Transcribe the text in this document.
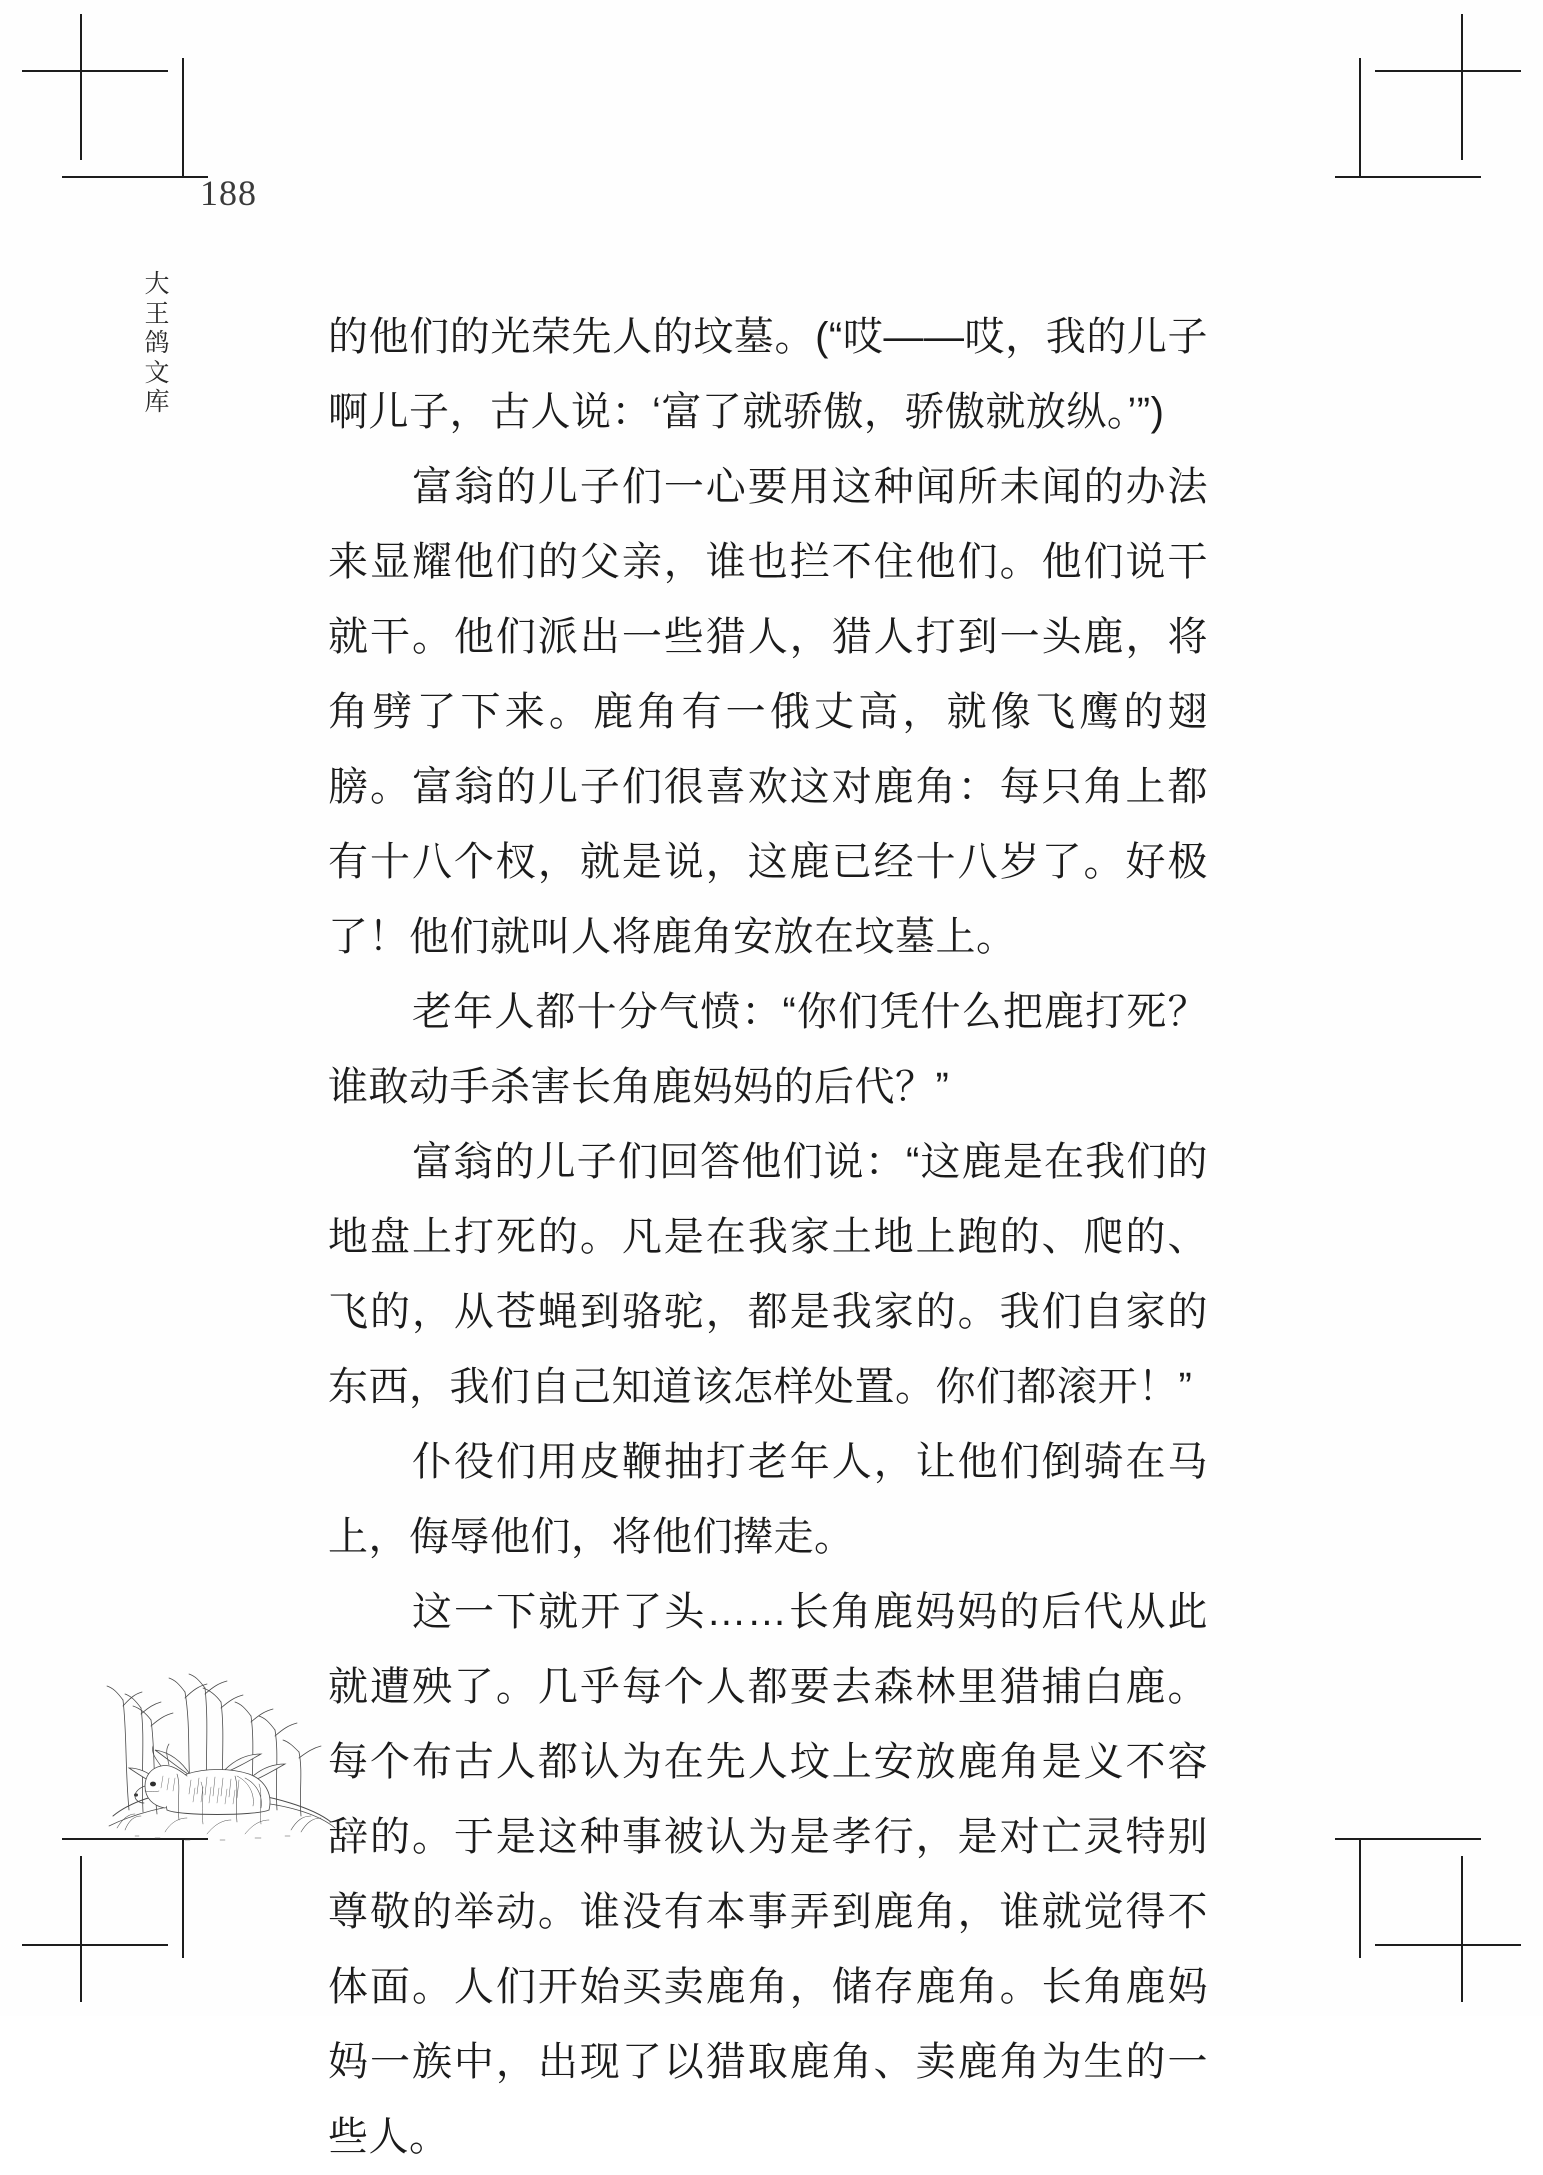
188
大王鸽文库

的他们的光荣先人的坟墓。(“哎——哎，我的儿子啊儿子，古人说：‘富了就骄傲，骄傲就放纵。’”)

富翁的儿子们一心要用这种闻所未闻的办法来显耀他们的父亲，谁也拦不住他们。他们说干就干。他们派出一些猎人，猎人打到一头鹿，将角劈了下来。鹿角有一俄丈高，就像飞鹰的翅膀。富翁的儿子们很喜欢这对鹿角：每只角上都有十八个杈，就是说，这鹿已经十八岁了。好极了！他们就叫人将鹿角安放在坟墓上。

老年人都十分气愤：“你们凭什么把鹿打死？谁敢动手杀害长角鹿妈妈的后代？”

富翁的儿子们回答他们说：“这鹿是在我们的地盘上打死的。凡是在我家土地上跑的、爬的、飞的，从苍蝇到骆驼，都是我家的。我们自家的东西，我们自己知道该怎样处置。你们都滚开！”

仆役们用皮鞭抽打老年人，让他们倒骑在马上，侮辱他们，将他们撵走。

这一下就开了头……长角鹿妈妈的后代从此就遭殃了。几乎每个人都要去森林里猎捕白鹿。每个布古人都认为在先人坟上安放鹿角是义不容辞的。于是这种事被认为是孝行，是对亡灵特别尊敬的举动。谁没有本事弄到鹿角，谁就觉得不体面。人们开始买卖鹿角，储存鹿角。长角鹿妈妈一族中，出现了以猎取鹿角、卖鹿角为生的一些人。
